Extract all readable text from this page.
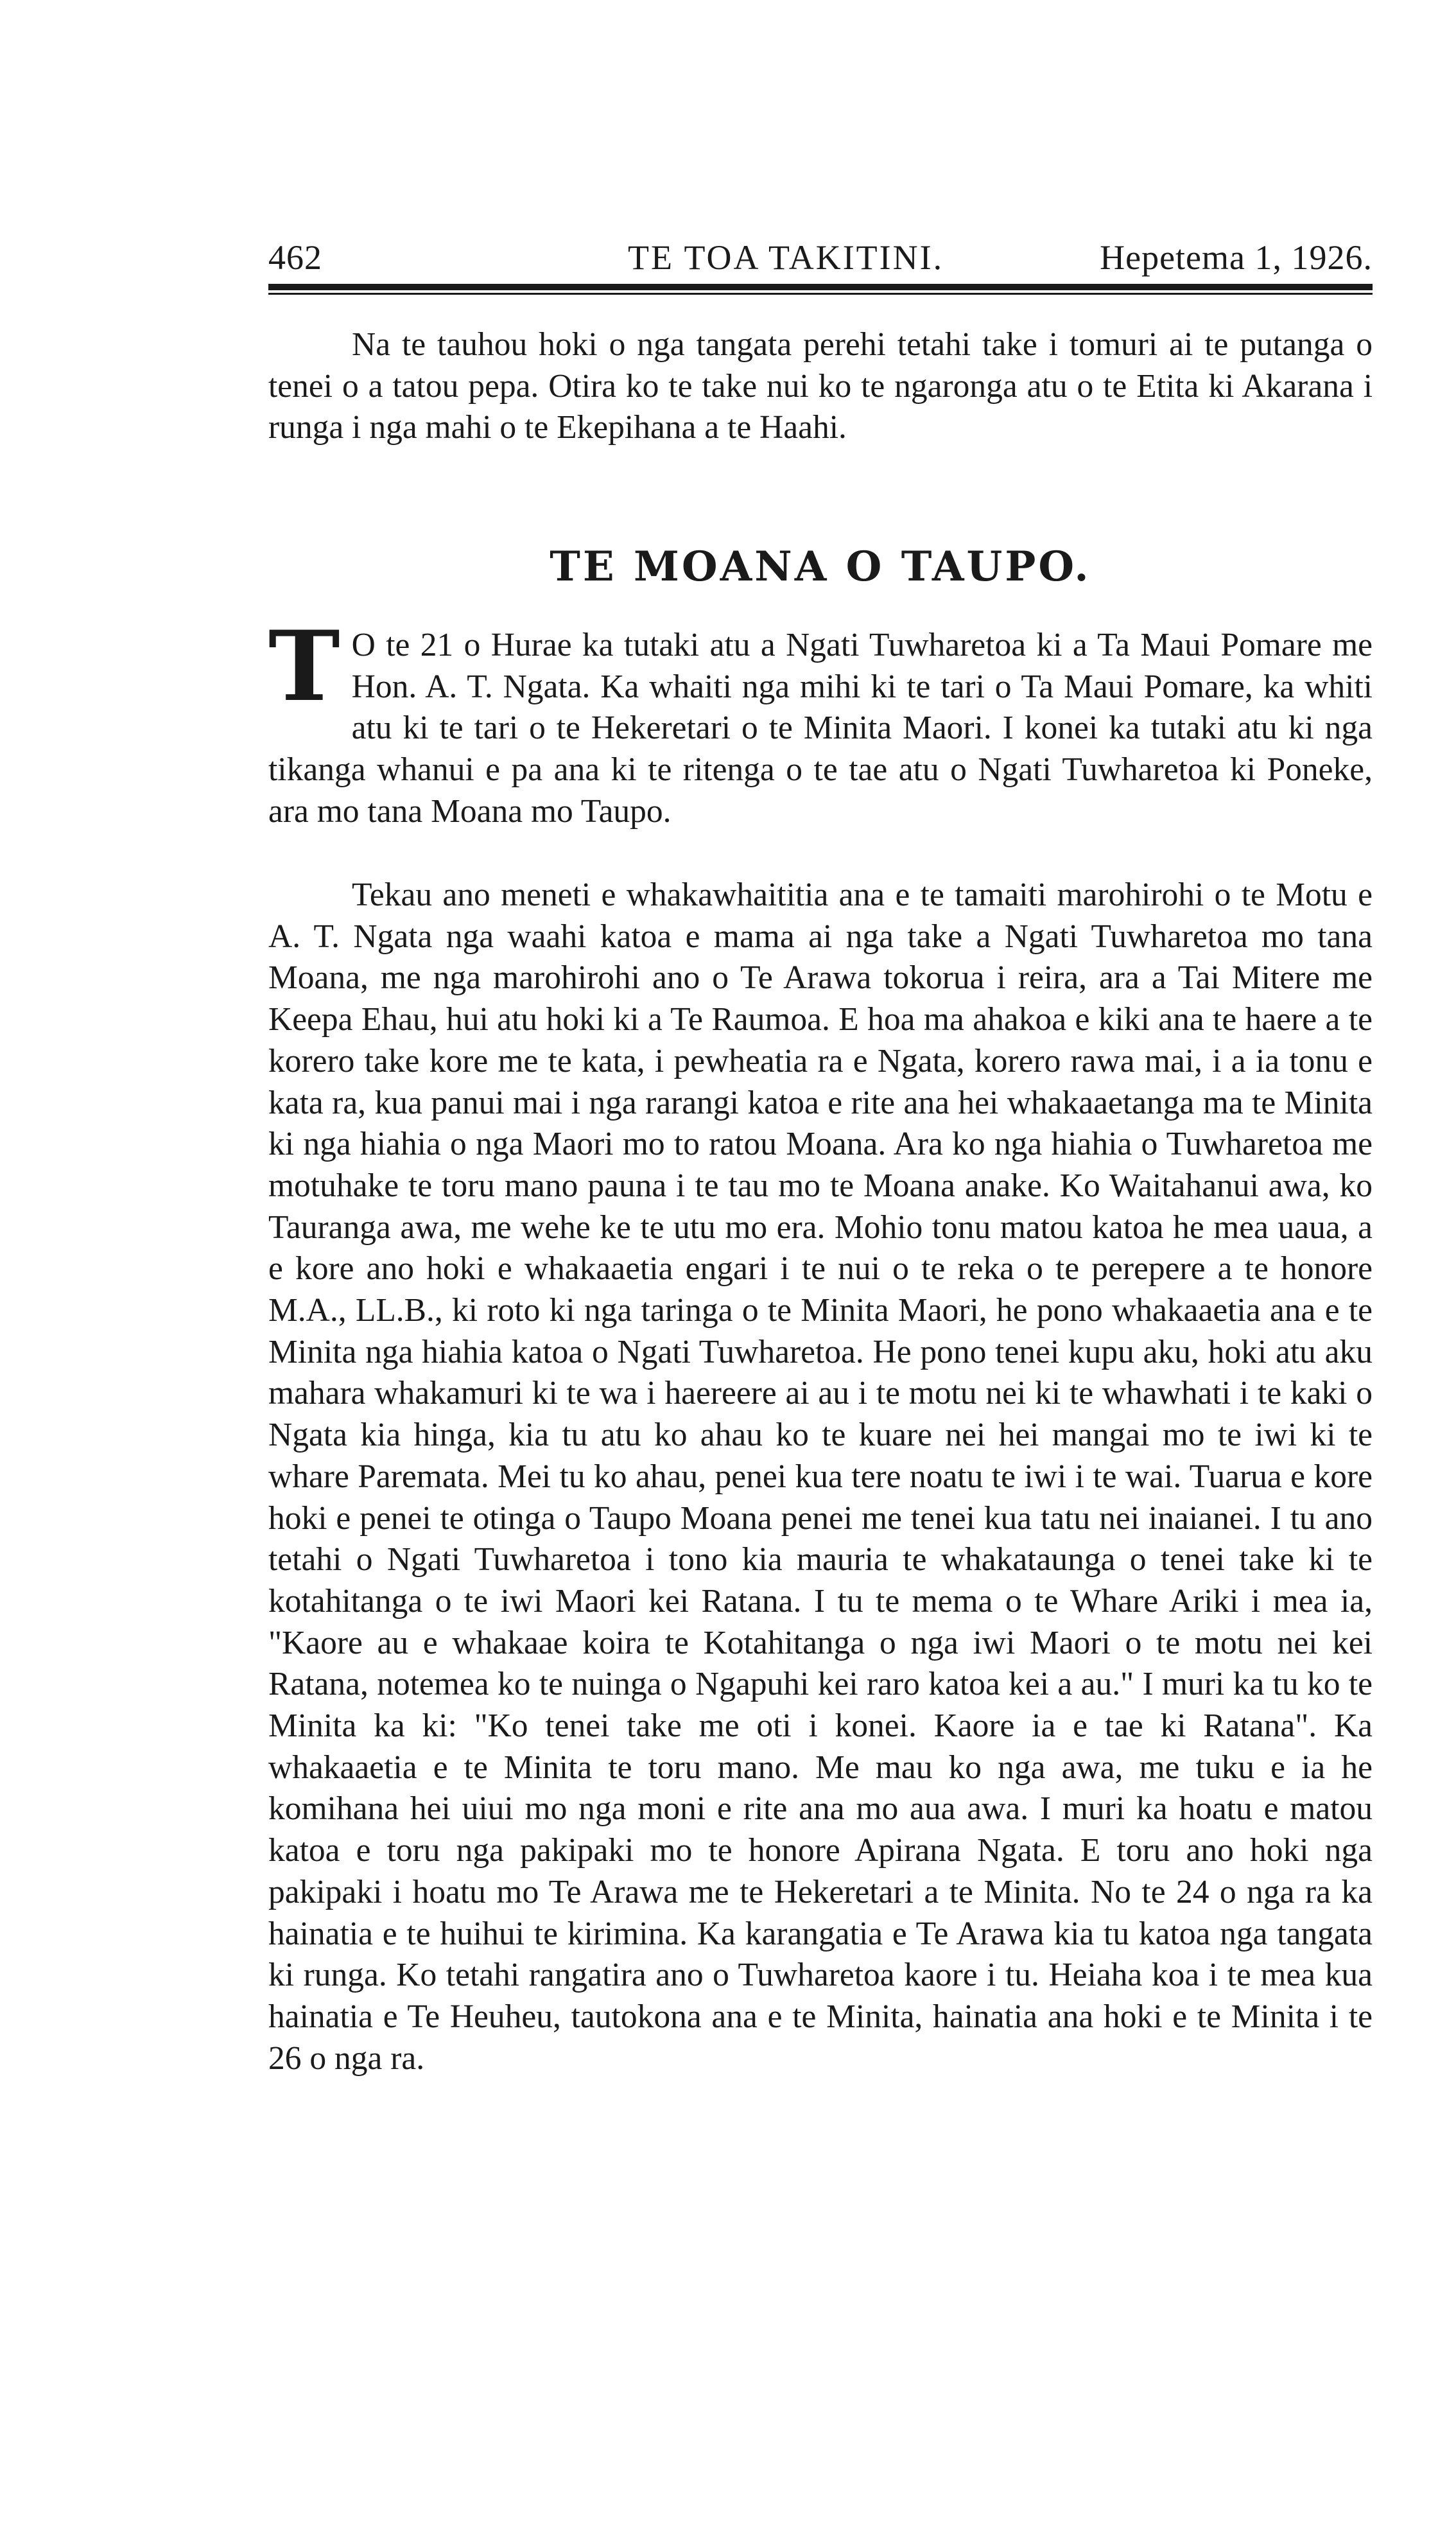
462	TE TOA TAKITINI.	Hepetema 1, 1926.

Na te tauhou hoki o nga tangata perehi tetahi take i tomuri ai te putanga o tenei o a tatou pepa. Otira ko te take nui ko te ngaronga atu o te Etita ki Akarana i runga i nga mahi o te Ekepihana a te Haahi.

TE MOANA O TAUPO.

T O te 21 o Hurae ka tutaki atu a Ngati Tuwharetoa ki a Ta Maui Pomare me Hon. A. T. Ngata. Ka whaiti nga mihi ki te tari o Ta Maui Pomare, ka whiti atu ki te tari o te Hekeretari o te Minita Maori. I konei ka tutaki atu ki nga tikanga whanui e pa ana ki te ritenga o te tae atu o Ngati Tuwharetoa ki Poneke, ara mo tana Moana mo Taupo.

Tekau ano meneti e whakawhaititia ana e te tamaiti marohirohi o te Motu e A. T. Ngata nga waahi katoa e mama ai nga take a Ngati Tuwharetoa mo tana Moana, me nga marohirohi ano o Te Arawa tokorua i reira, ara a Tai Mitere me Keepa Ehau, hui atu hoki ki a Te Raumoa. E hoa ma ahakoa e kiki ana te haere a te korero take kore me te kata, i pewheatia ra e Ngata, korero rawa mai, i a ia tonu e kata ra, kua panui mai i nga rarangi katoa e rite ana hei whakaaetanga ma te Minita ki nga hiahia o nga Maori mo to ratou Moana. Ara ko nga hiahia o Tuwharetoa me motuhake te toru mano pauna i te tau mo te Moana anake. Ko Waitahanui awa, ko Tauranga awa, me wehe ke te utu mo era. Mohio tonu matou katoa he mea uaua, a e kore ano hoki e whakaaetia engari i te nui o te reka o te perepere a te honore M.A., LL.B., ki roto ki nga taringa o te Minita Maori, he pono whakaaetia ana e te Minita nga hiahia katoa o Ngati Tuwharetoa. He pono tenei kupu aku, hoki atu aku mahara whakamuri ki te wa i haereere ai au i te motu nei ki te whawhati i te kaki o Ngata kia hinga, kia tu atu ko ahau ko te kuare nei hei mangai mo te iwi ki te whare Paremata. Mei tu ko ahau, penei kua tere noatu te iwi i te wai. Tuarua e kore hoki e penei te otinga o Taupo Moana penei me tenei kua tatu nei inaianei. I tu ano tetahi o Ngati Tuwharetoa i tono kia mauria te whakataunga o tenei take ki te kotahitanga o te iwi Maori kei Ratana. I tu te mema o te Whare Ariki i mea ia, "Kaore au e whakaae koira te Kotahitanga o nga iwi Maori o te motu nei kei Ratana, notemea ko te nuinga o Ngapuhi kei raro katoa kei a au." I muri ka tu ko te Minita ka ki: "Ko tenei take me oti i konei. Kaore ia e tae ki Ratana". Ka whakaaetia e te Minita te toru mano. Me mau ko nga awa, me tuku e ia he komihana hei uiui mo nga moni e rite ana mo aua awa. I muri ka hoatu e matou katoa e toru nga pakipaki mo te honore Apirana Ngata. E toru ano hoki nga pakipaki i hoatu mo Te Arawa me te Hekeretari a te Minita. No te 24 o nga ra ka hainatia e te huihui te kirimina. Ka karangatia e Te Arawa kia tu katoa nga tangata ki runga. Ko tetahi rangatira ano o Tuwharetoa kaore i tu. Heiaha koa i te mea kua hainatia e Te Heuheu, tautokona ana e te Minita, hainatia ana hoki e te Minita i te 26 o nga ra.
